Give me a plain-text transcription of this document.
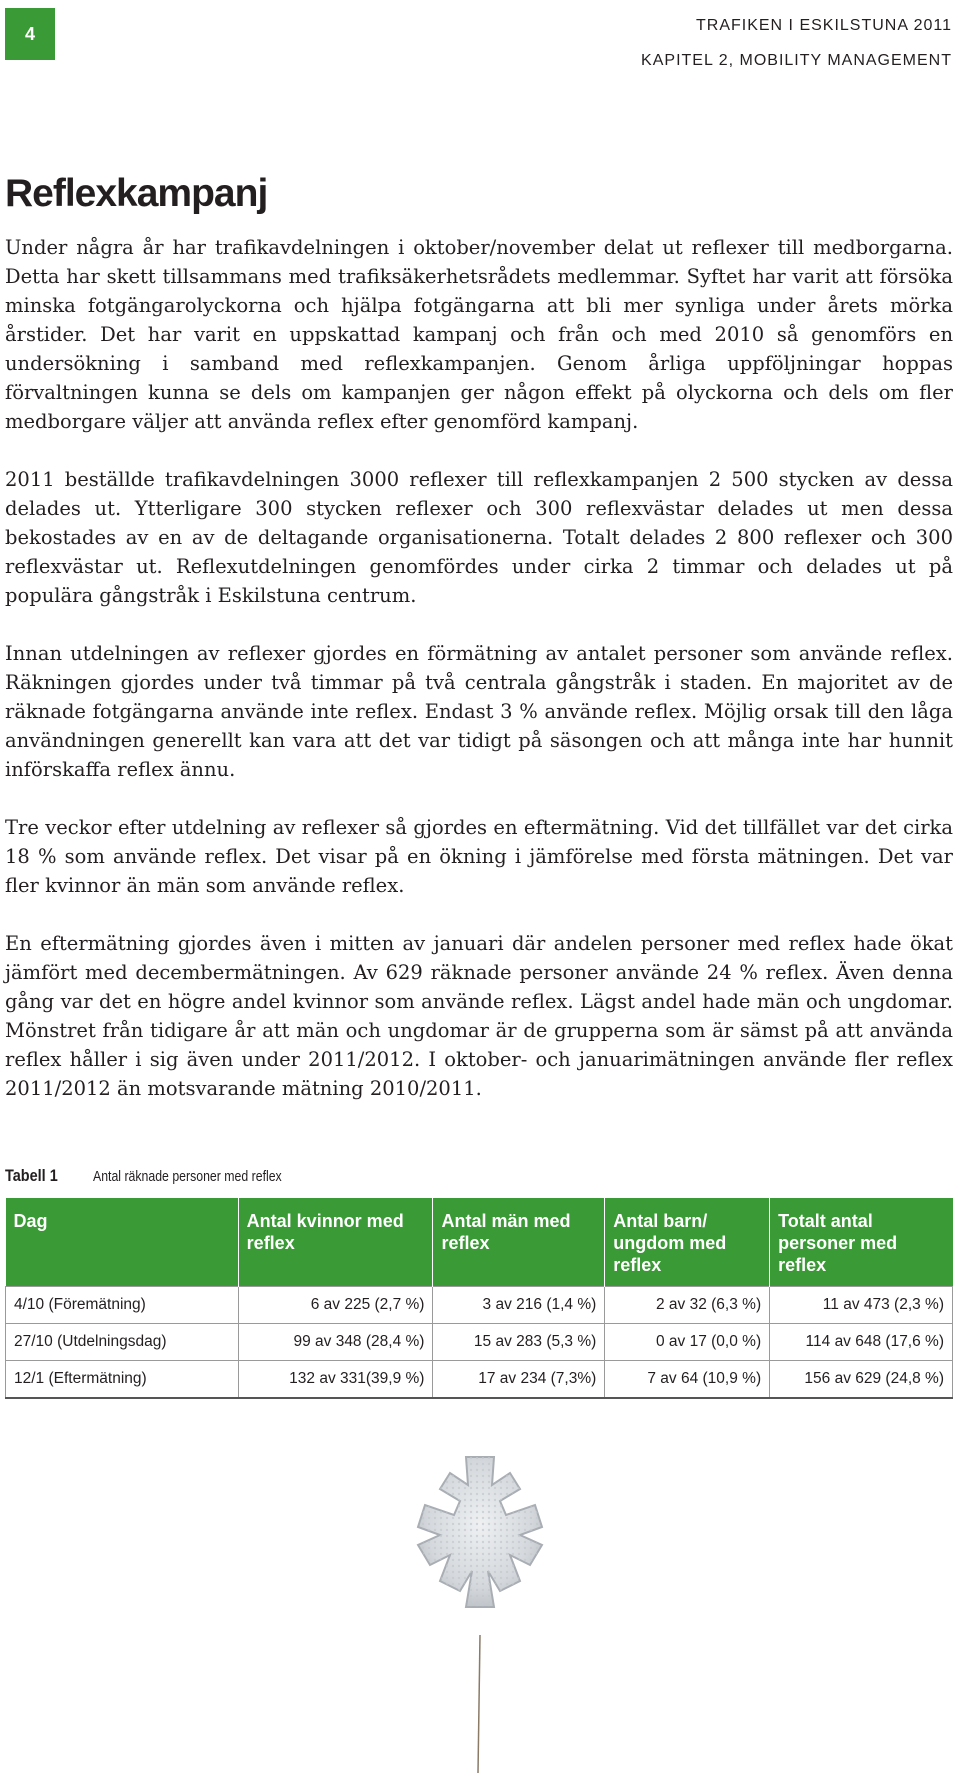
4	TRAFIKEN I ESKILSTUNA 2011
KAPITEL 2, MOBILITY MANAGEMENT
Reflexkampanj

Under några år har trafikavdelningen i oktober/november delat ut reflexer till medborgarna. Detta har skett tillsammans med trafiksäkerhetsrådets medlemmar. Syftet har varit att försöka minska fotgängarolyckorna och hjälpa fotgängarna att bli mer synliga under årets mörka årstider. Det har varit en uppskattad kampanj och från och med 2010 så genomförs en undersökning i samband med reflexkampanjen. Genom årliga uppföljningar hoppas förvaltningen kunna se dels om kampanjen ger någon effekt på olyckorna och dels om fler medborgare väljer att använda reflex efter genomförd kampanj.

2011 beställde trafikavdelningen 3000 reflexer till reflexkampanjen 2 500 stycken av dessa delades ut. Ytterligare 300 stycken reflexer och 300 reflexvästar delades ut men dessa bekostades av en av de deltagande organisationerna. Totalt delades 2 800 reflexer och 300 reflexvästar ut. Reflexutdelningen genomfördes under cirka 2 timmar och delades ut på populära gångstråk i Eskilstuna centrum.

Innan utdelningen av reflexer gjordes en förmätning av antalet personer som använde reflex. Räkningen gjordes under två timmar på två centrala gångstråk i staden. En majoritet av de räknade fotgängarna använde inte reflex. Endast 3 % använde reflex. Möjlig orsak till den låga användningen generellt kan vara att det var tidigt på säsongen och att många inte har hunnit införskaffa reflex ännu.

Tre veckor efter utdelning av reflexer så gjordes en eftermätning. Vid det tillfället var det cirka 18 % som använde reflex. Det visar på en ökning i jämförelse med första mätningen. Det var fler kvinnor än män som använde reflex.

En eftermätning gjordes även i mitten av januari där andelen personer med reflex hade ökat jämfört med decembermätningen. Av 629 räknade personer använde 24 % reflex. Även denna gång var det en högre andel kvinnor som använde reflex. Lägst andel hade män och ungdomar. Mönstret från tidigare år att män och ungdomar är de grupperna som är sämst på att använda reflex håller i sig även under 2011/2012. I oktober- och januarimätningen använde fler reflex 2011/2012 än motsvarande mätning 2010/2011.

Tabell 1 Antal räknade personer med reflex
Dag	Antal kvinnor med reflex	Antal män med reflex	Antal barn/ ungdom med reflex	Totalt antal personer med reflex
4/10 (Föremätning)	6 av 225 (2,7 %)	3 av 216 (1,4 %)	2 av 32 (6,3 %)	11 av 473 (2,3 %)
27/10 (Utdelningsdag)	99 av 348 (28,4 %)	15 av 283 (5,3 %)	0 av 17 (0,0 %)	114 av 648 (17,6 %)
12/1 (Eftermätning)	132 av 331(39,9 %)	17 av 234 (7,3%)	7 av 64 (10,9 %)	156 av 629 (24,8 %)
